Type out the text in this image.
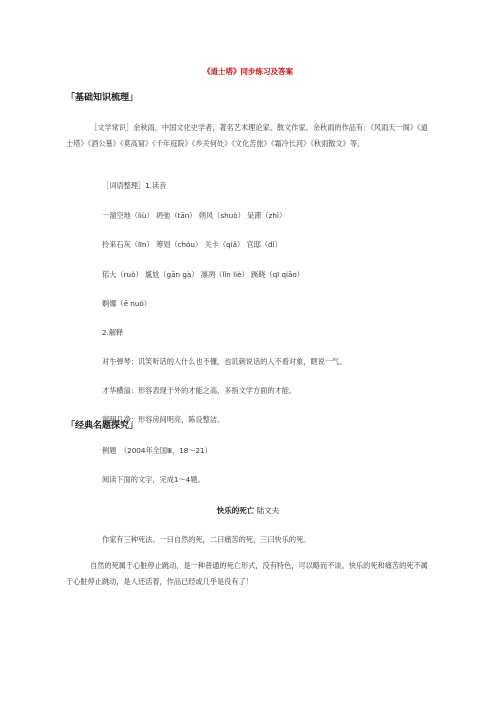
《道士塔》同步练习及答案
「基础知识梳理」
［文学常识］余秋雨，中国文化史学者，著名艺术理论家、散文作家。余秋雨的作品有：《风雨天一阁》《道士塔》《酒公墓》《莫高窟》《千年庭院》《乡关何处》《文化苦旅》《霜冷长河》《秋雨散文》等。
［词语整理］1.读音
一溜空地（liù） 坍弛（tān） 朔风（shuò） 呆滞（zhì）
拎来石灰（līn） 筹划（chóu） 关卡（qiǎ） 官邸（dǐ）
偌大（ruò） 尴尬（gān gà） 凛冽（lǐn liè） 蹊跷（qī qiāo）
婀娜（ē nuó）
2.解释
对牛弹琴：讥笑听话的人什么也不懂，也讥刺说话的人不看对象，瞎说一气。
才华横溢：形容表现于外的才能之高，多指文学方面的才能。
窗明几净：形容房间明亮，陈设整洁。
「经典名题探究」
例题　（2004年全国Ⅲ，18～21）
阅读下面的文字，完成1～4题。
快乐的死亡 陆文夫
作家有三种死法。一曰自然的死，二曰痛苦的死，三曰快乐的死。
自然的死属于心脏停止跳动，是一种普通的死亡形式，没有特色，可以略而不谈。快乐的死和痛苦的死不属于心脏停止跳动，是人还活着，作品已经或几乎是没有了！
